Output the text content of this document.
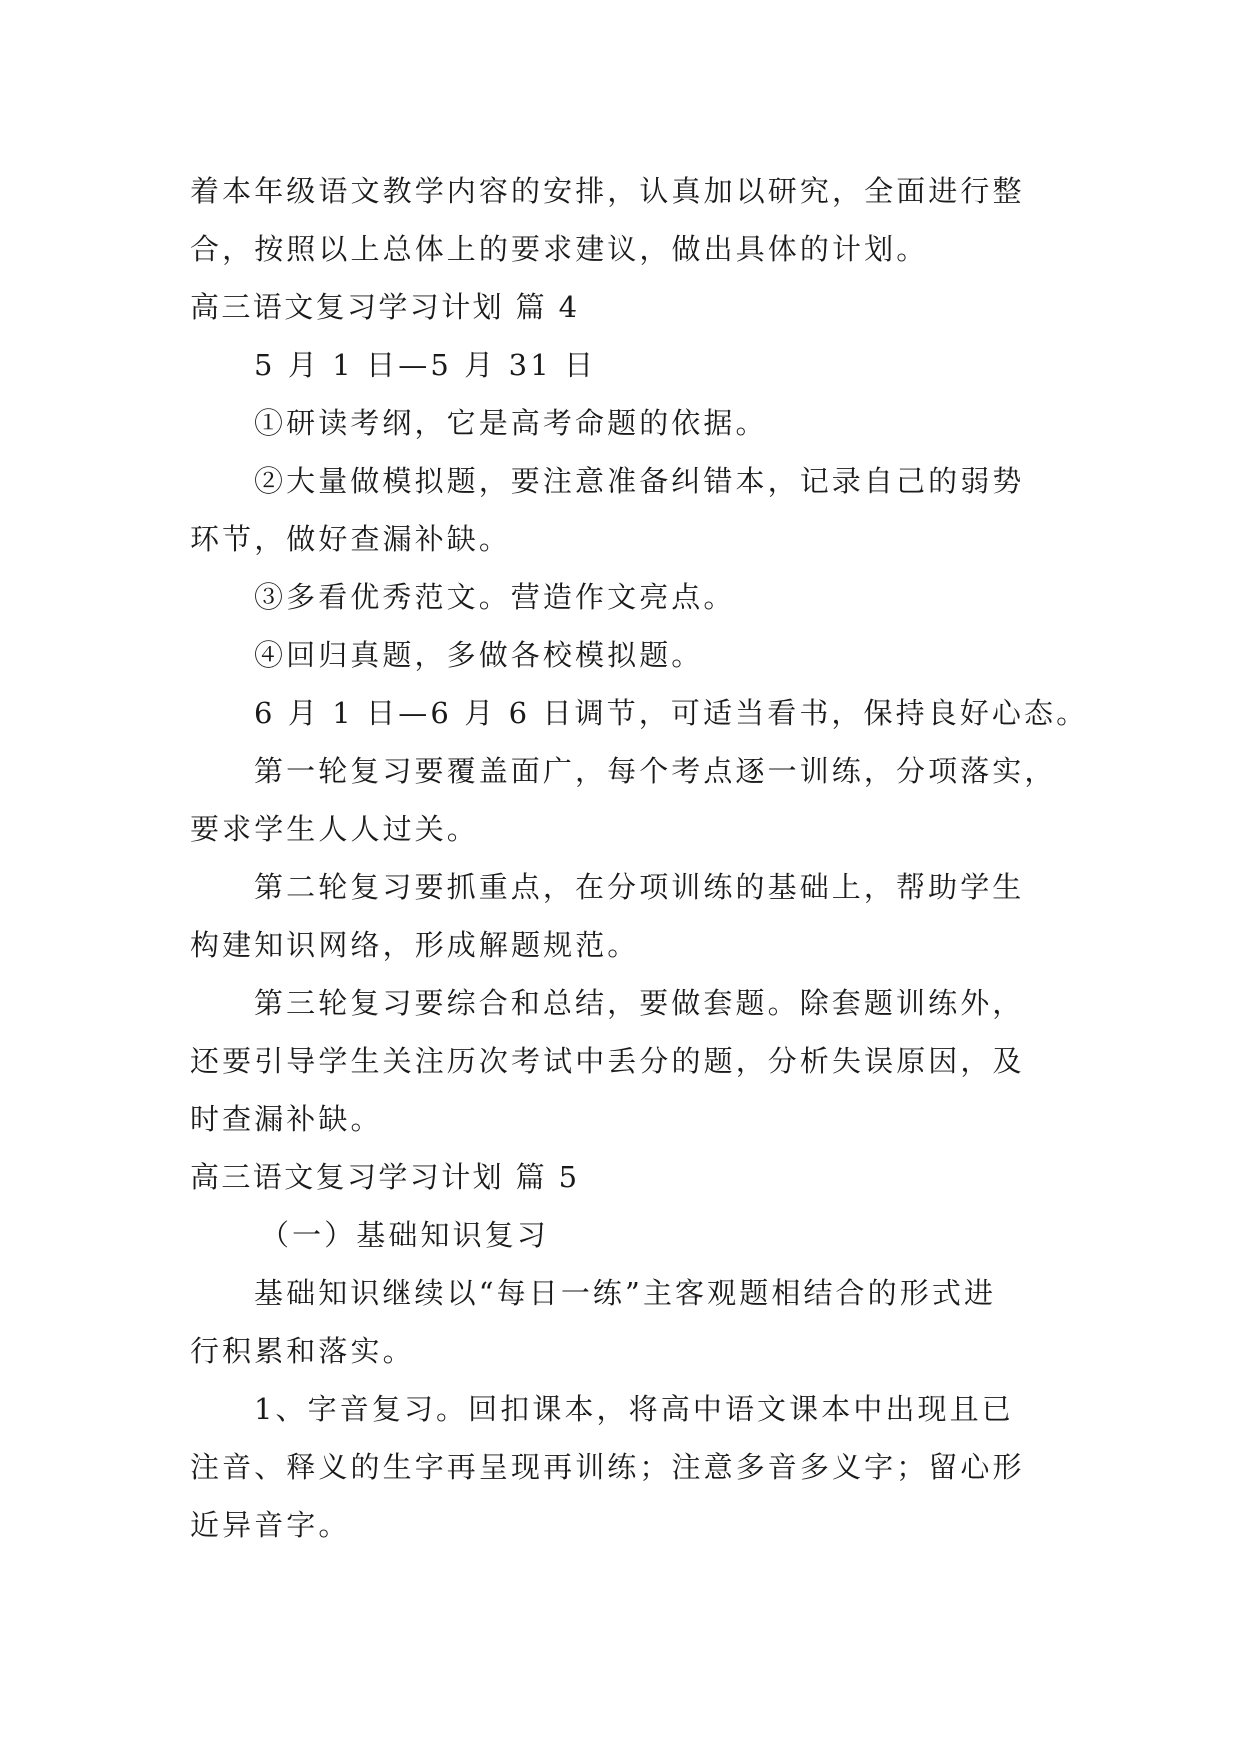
着本年级语文教学内容的安排，认真加以研究，全面进行整
合，按照以上总体上的要求建议，做出具体的计划。
高三语文复习学习计划 篇 4
5 月 1 日—5 月 31 日
①研读考纲，它是高考命题的依据。
②大量做模拟题，要注意准备纠错本，记录自己的弱势
环节，做好查漏补缺。
③多看优秀范文。营造作文亮点。
④回归真题，多做各校模拟题。
6 月 1 日—6 月 6 日调节，可适当看书，保持良好心态。
第一轮复习要覆盖面广，每个考点逐一训练，分项落实，
要求学生人人过关。
第二轮复习要抓重点，在分项训练的基础上，帮助学生
构建知识网络，形成解题规范。
第三轮复习要综合和总结，要做套题。除套题训练外，
还要引导学生关注历次考试中丢分的题，分析失误原因，及
时查漏补缺。
高三语文复习学习计划 篇 5
（一）基础知识复习
基础知识继续以“每日一练”主客观题相结合的形式进
行积累和落实。
1、字音复习。回扣课本，将高中语文课本中出现且已
注音、释义的生字再呈现再训练；注意多音多义字；留心形
近异音字。
